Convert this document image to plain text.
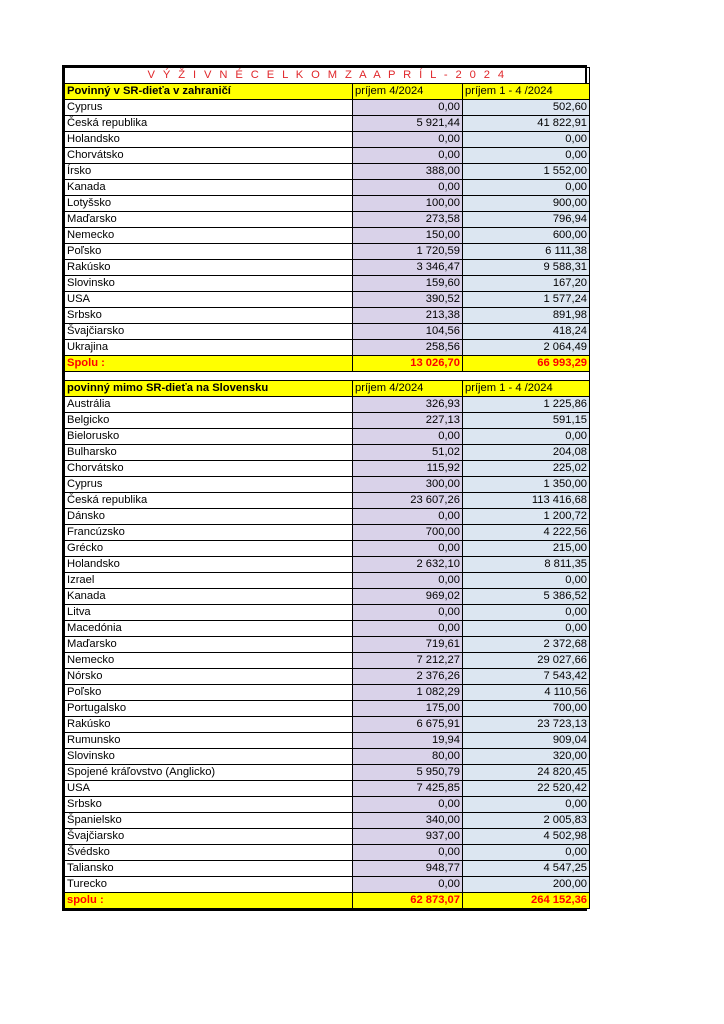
V Ý Ž I V N É C E L K O M Z A A P R Í L - 2 0 2 4		
Povinný v SR-dieťa v zahraničí	príjem 4/2024	príjem 1 - 4 /2024
Cyprus	0,00	502,60
Česká republika	5 921,44	41 822,91
Holandsko	0,00	0,00
Chorvátsko	0,00	0,00
Írsko	388,00	1 552,00
Kanada	0,00	0,00
Lotyšsko	100,00	900,00
Maďarsko	273,58	796,94
Nemecko	150,00	600,00
Poľsko	1 720,59	6 111,38
Rakúsko	3 346,47	9 588,31
Slovinsko	159,60	167,20
USA	390,52	1 577,24
Srbsko	213,38	891,98
Švajčiarsko	104,56	418,24
Ukrajina	258,56	2 064,49
Spolu :	13 026,70	66 993,29

povinný mimo SR-dieťa na Slovensku	príjem 4/2024	príjem 1 - 4 /2024
Austrália	326,93	1 225,86
Belgicko	227,13	591,15
Bielorusko	0,00	0,00
Bulharsko	51,02	204,08
Chorvátsko	115,92	225,02
Cyprus	300,00	1 350,00
Česká republika	23 607,26	113 416,68
Dánsko	0,00	1 200,72
Francúzsko	700,00	4 222,56
Grécko	0,00	215,00
Holandsko	2 632,10	8 811,35
Izrael	0,00	0,00
Kanada	969,02	5 386,52
Litva	0,00	0,00
Macedónia	0,00	0,00
Maďarsko	719,61	2 372,68
Nemecko	7 212,27	29 027,66
Nórsko	2 376,26	7 543,42
Poľsko	1 082,29	4 110,56
Portugalsko	175,00	700,00
Rakúsko	6 675,91	23 723,13
Rumunsko	19,94	909,04
Slovinsko	80,00	320,00
Spojené kráľovstvo (Anglicko)	5 950,79	24 820,45
USA	7 425,85	22 520,42
Srbsko	0,00	0,00
Španielsko	340,00	2 005,83
Švajčiarsko	937,00	4 502,98
Švédsko	0,00	0,00
Taliansko	948,77	4 547,25
Turecko	0,00	200,00
spolu :	62 873,07	264 152,36
